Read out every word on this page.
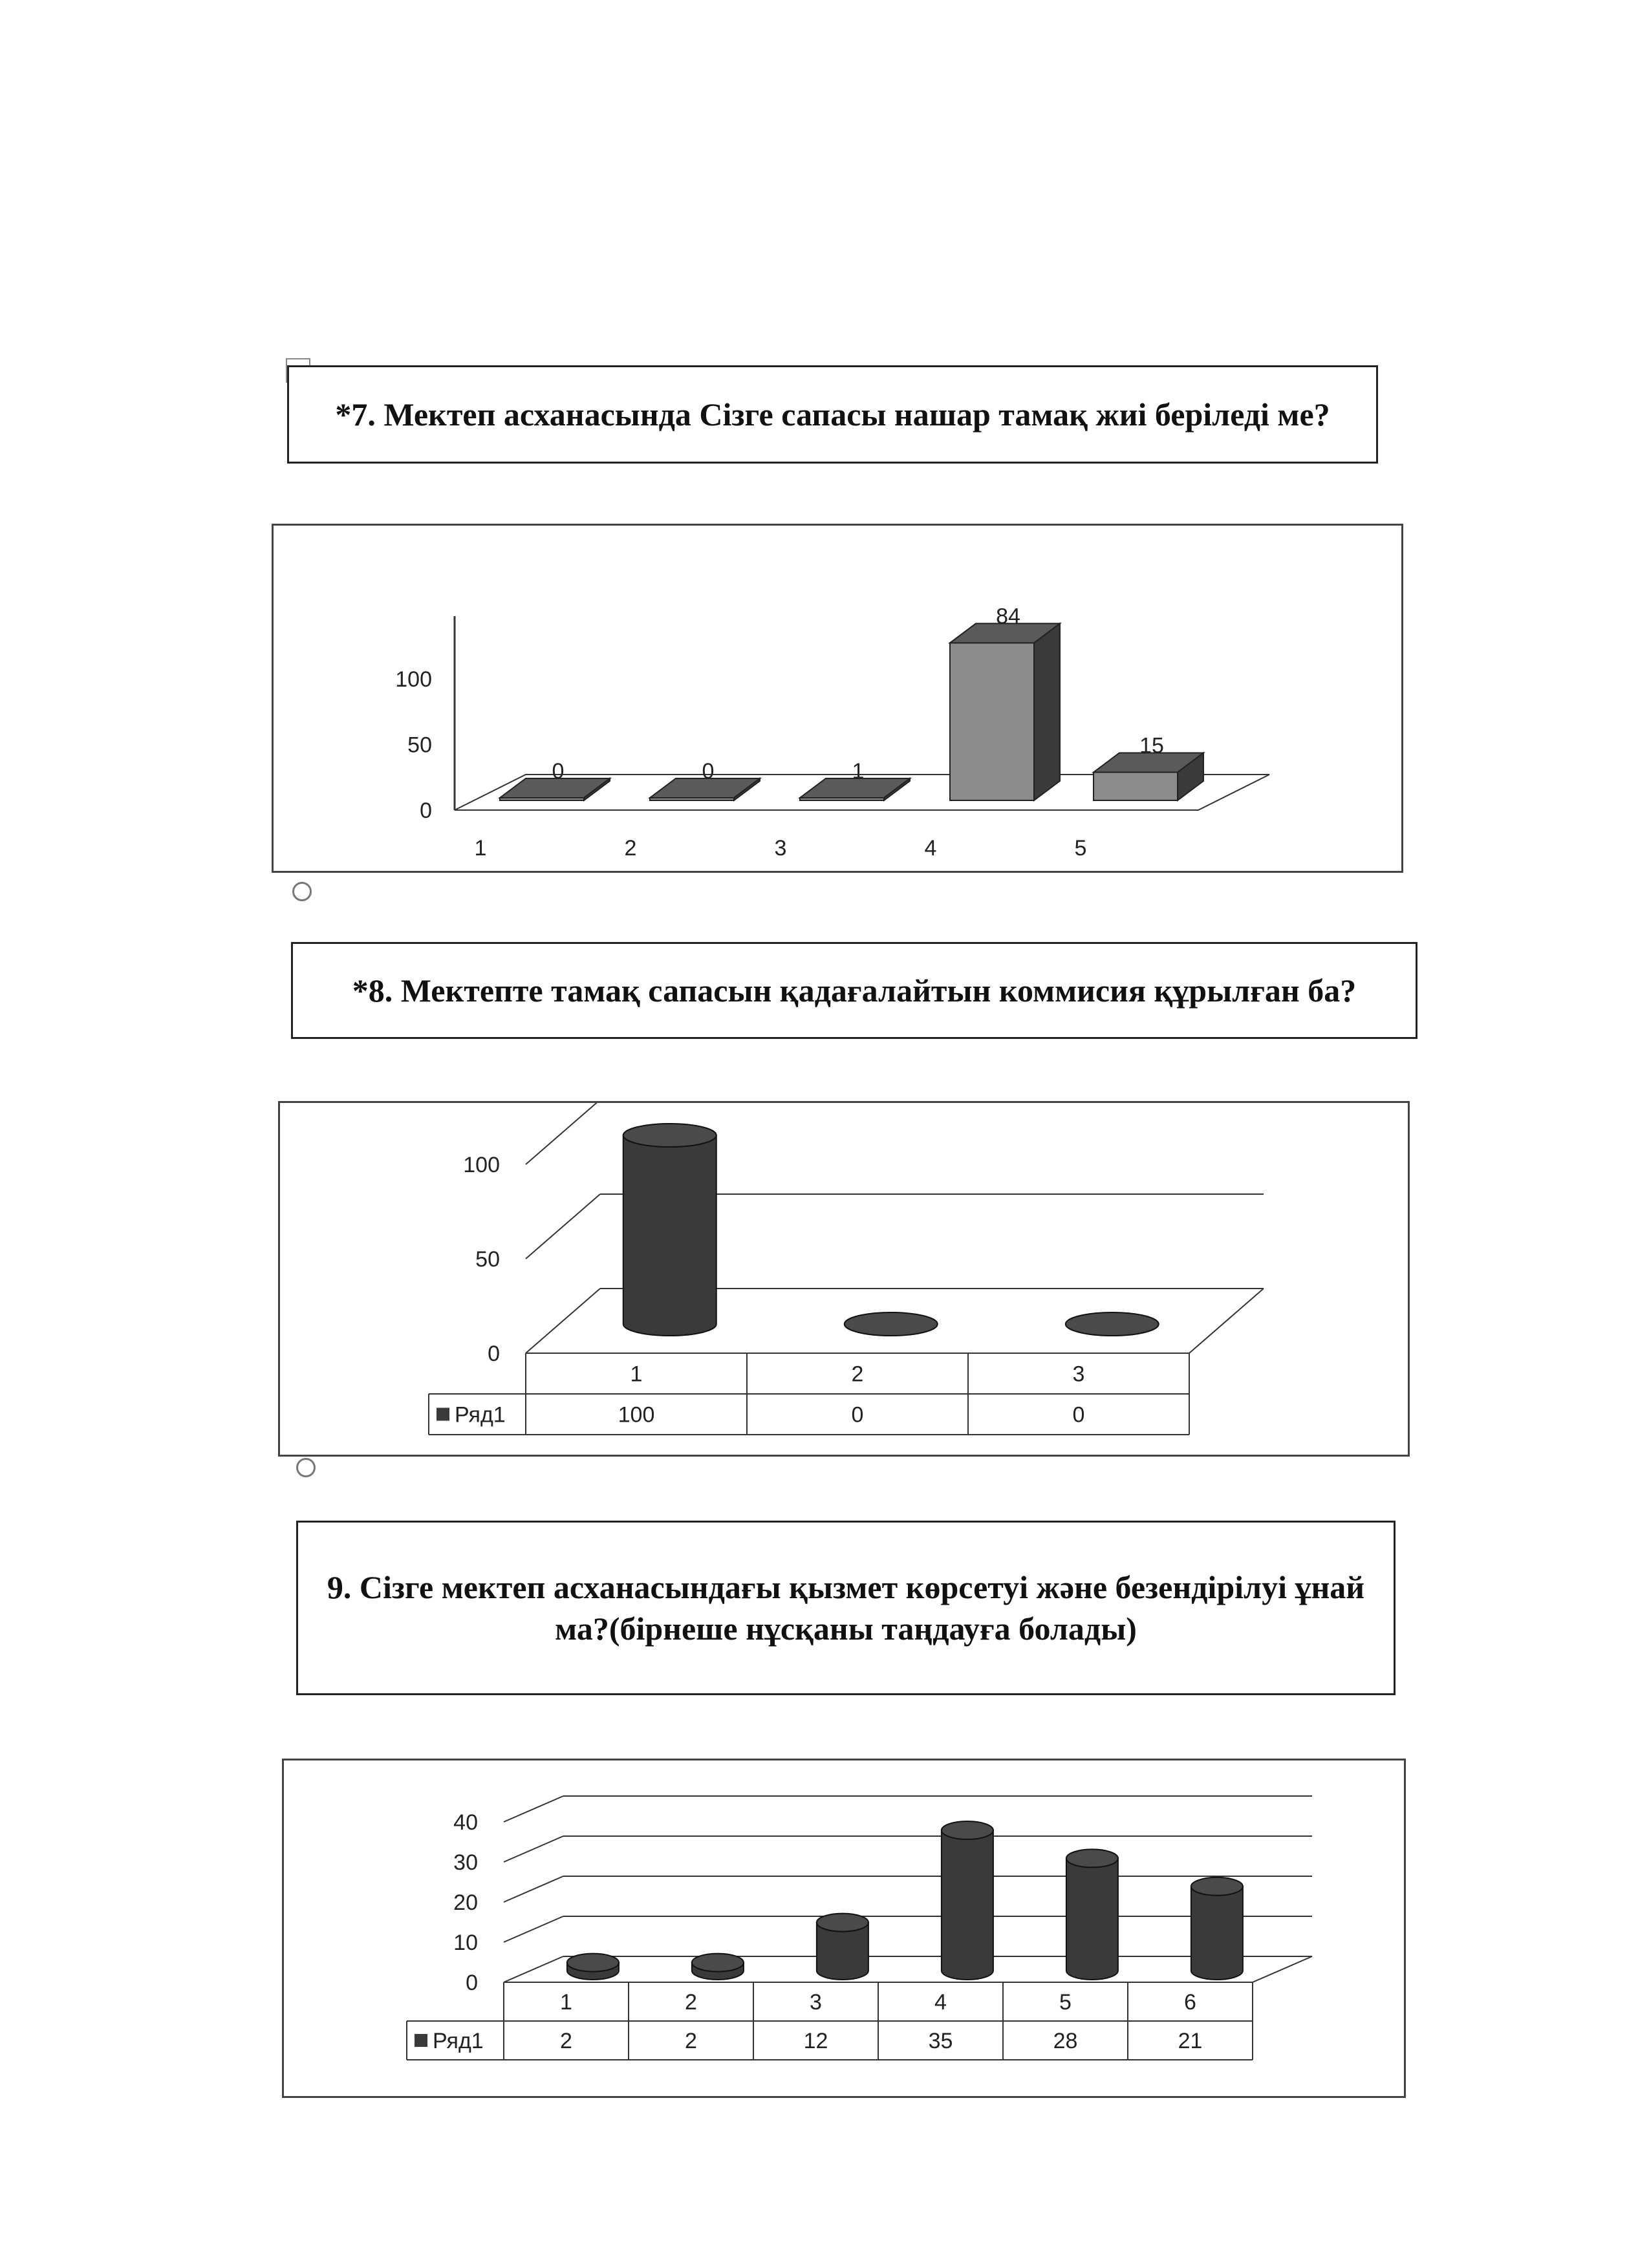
*7. Мектеп асханасында Сізге сапасы нашар тамақ жиі беріледі ме?
0
50
100
0
1
0
2
1
3
84
4
15
5
*8. Мектепте тамақ сапасын қадағалайтын коммисия құрылған ба?
0
50
100
Ряд1
1
100
2
0
3
0
9. Сізге мектеп асханасындағы қызмет көрсетуі және безендірілуі ұнай ма?(бірнеше нұсқаны таңдауға болады)
0
10
20
30
40
Ряд1
1
2
2
2
3
12
4
35
5
28
6
21
